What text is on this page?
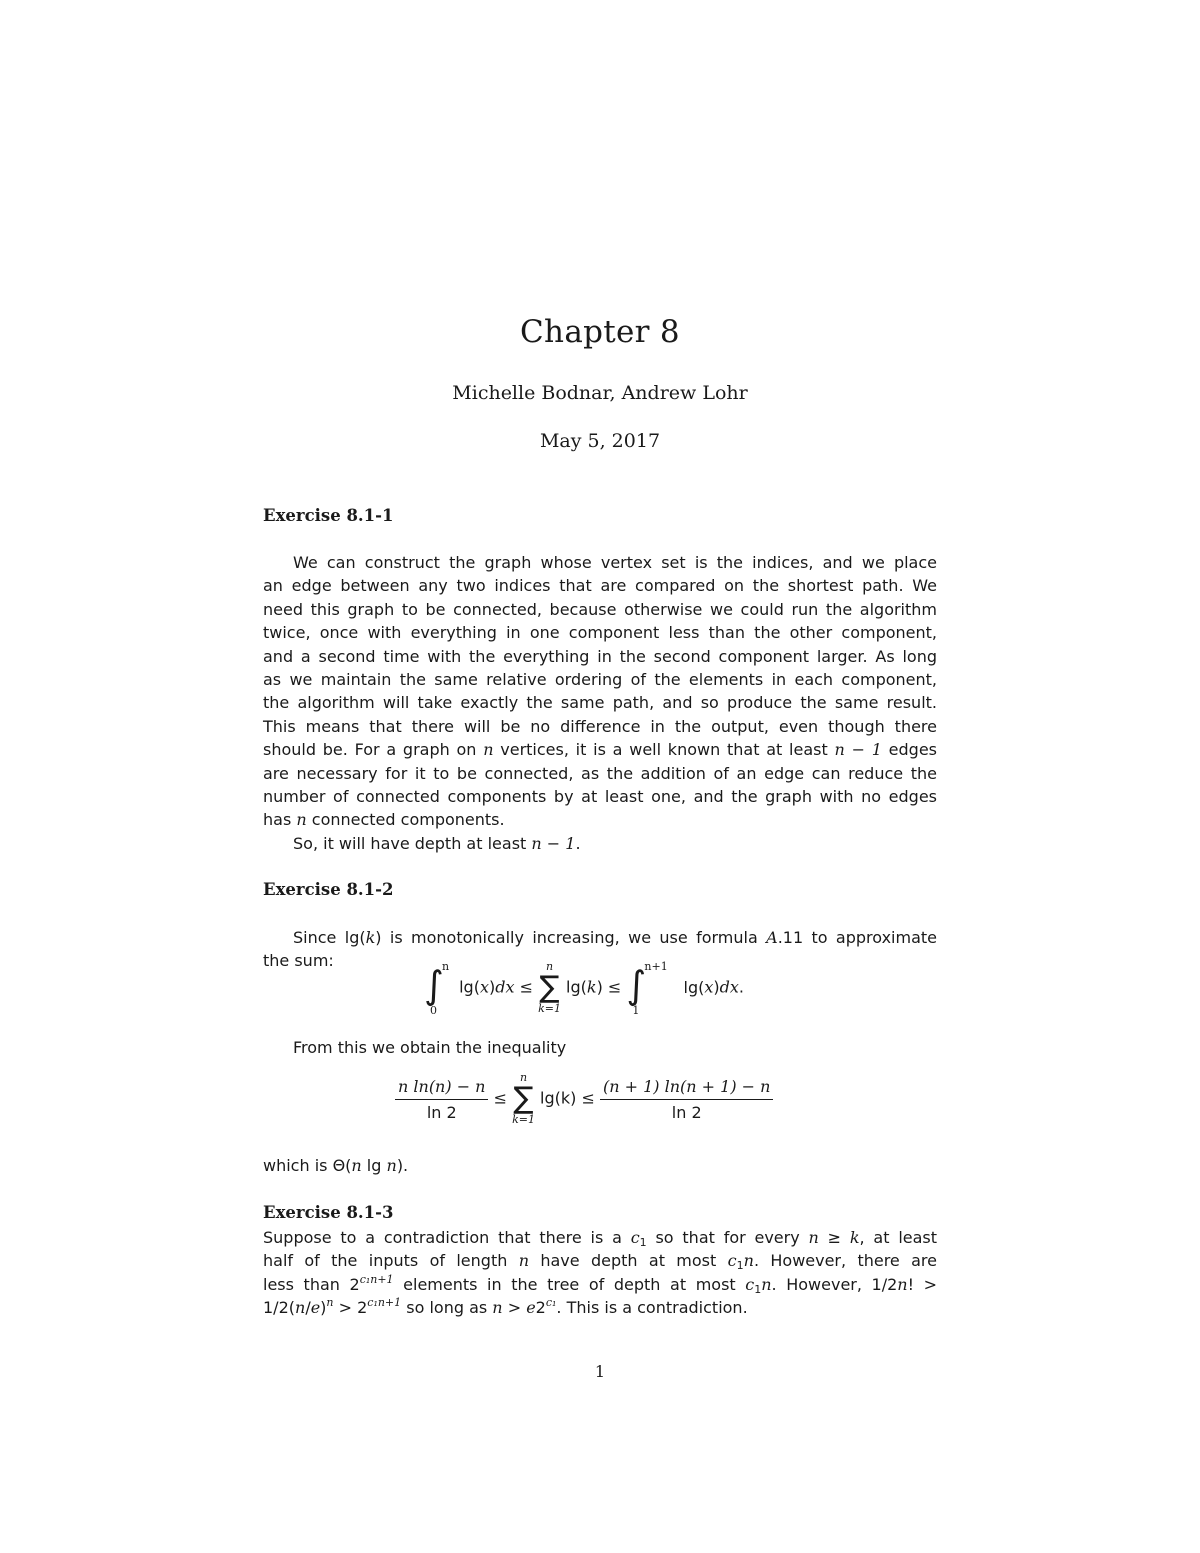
Chapter 8
Michelle Bodnar, Andrew Lohr
May 5, 2017
Exercise 8.1-1
We can construct the graph whose vertex set is the indices, and we place
an edge between any two indices that are compared on the shortest path. We
need this graph to be connected, because otherwise we could run the algorithm
twice, once with everything in one component less than the other component,
and a second time with the everything in the second component larger. As long
as we maintain the same relative ordering of the elements in each component,
the algorithm will take exactly the same path, and so produce the same result.
This means that there will be no difference in the output, even though there
should be. For a graph on n vertices, it is a well known that at least n − 1 edges
are necessary for it to be connected, as the addition of an edge can reduce the
number of connected components by at least one, and the graph with no edges
has n connected components.
So, it will have depth at least n − 1.
Exercise 8.1-2
Since lg(k) is monotonically increasing, we use formula A.11 to approximate
the sum:
∫
n
0
lg(x)dx ≤
n
∑
k=1
lg(k) ≤ ∫
n+1
1
lg(x)dx.
From this we obtain the inequality
$\frac{\text{n ln(n) − n}}{\ln 2}$ ≤
n
∑
k=1
$\lg(k) \le \frac{(n + 1) \ln(n + 1) - n}{\ln 2}$
which is Θ(n lg n).
Exercise 8.1-3
Suppose to a contradiction that there is a $c_1$ so that for every n ≥ k, at least
half of the inputs of length n have depth at most $c_1n$. However, there are
less than $2^{c_1n+1}$ elements in the tree of depth at most $c_1n$. However, 1/2n! >
$1/2(n/e)^n > 2^{c_1n+1}$ so long as $n > e2^{c_1}$. This is a contradiction.
1
